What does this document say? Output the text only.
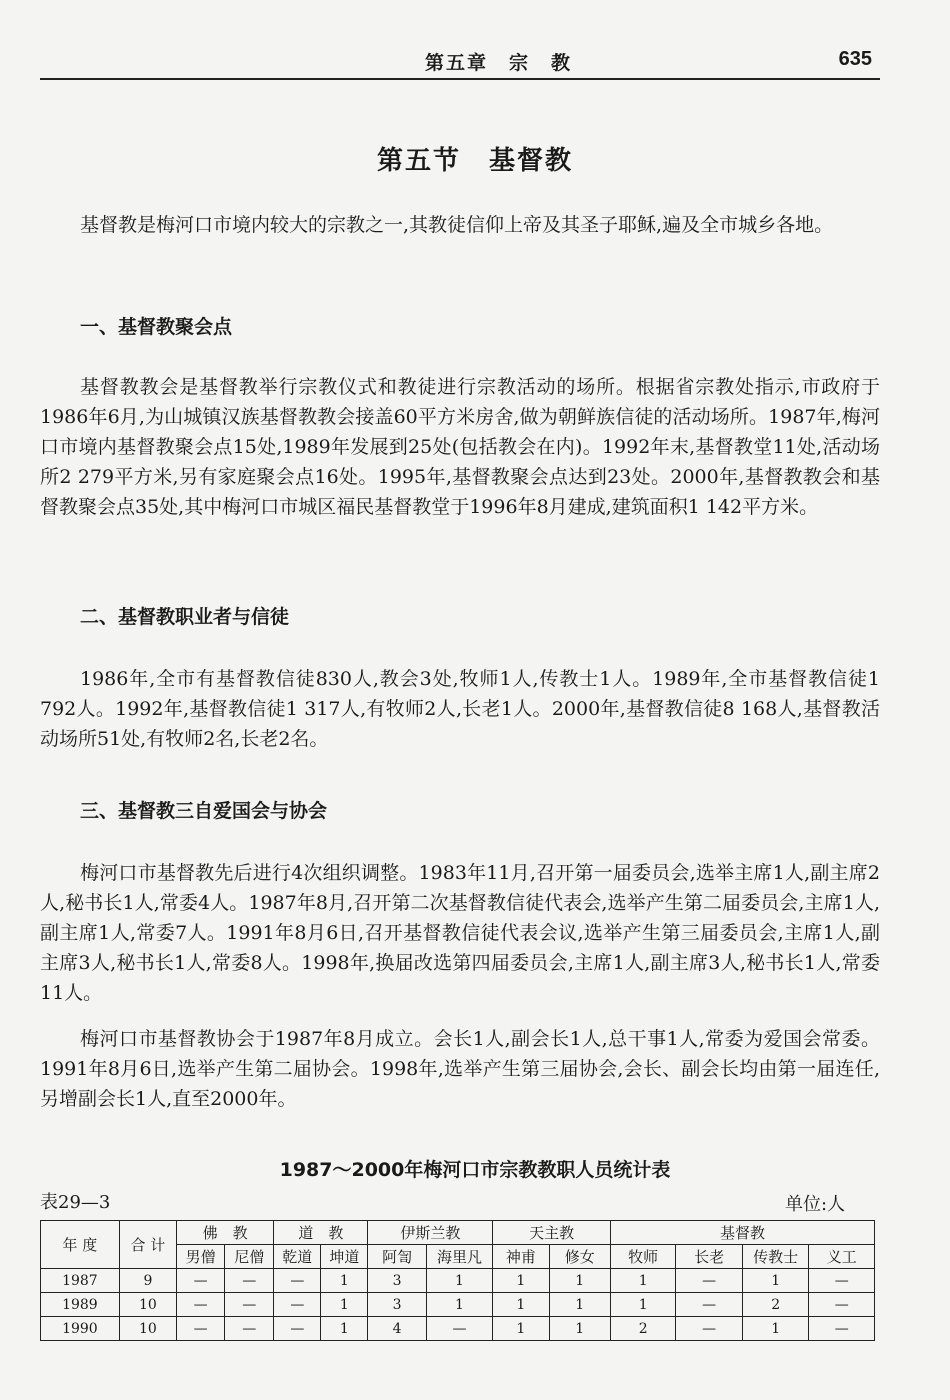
第五章　宗　教	635
第五节　基督教
基督教是梅河口市境内较大的宗教之一,其教徒信仰上帝及其圣子耶稣,遍及全市城乡各地。
一、基督教聚会点
基督教教会是基督教举行宗教仪式和教徒进行宗教活动的场所。根据省宗教处指示,市政府于1986年6月,为山城镇汉族基督教教会接盖60平方米房舍,做为朝鲜族信徒的活动场所。1987年,梅河口市境内基督教聚会点15处,1989年发展到25处(包括教会在内)。1992年末,基督教堂11处,活动场所2 279平方米,另有家庭聚会点16处。1995年,基督教聚会点达到23处。2000年,基督教教会和基督教聚会点35处,其中梅河口市城区福民基督教堂于1996年8月建成,建筑面积1 142平方米。
二、基督教职业者与信徒
1986年,全市有基督教信徒830人,教会3处,牧师1人,传教士1人。1989年,全市基督教信徒1 792人。1992年,基督教信徒1 317人,有牧师2人,长老1人。2000年,基督教信徒8 168人,基督教活动场所51处,有牧师2名,长老2名。
三、基督教三自爱国会与协会
梅河口市基督教先后进行4次组织调整。1983年11月,召开第一届委员会,选举主席1人,副主席2人,秘书长1人,常委4人。1987年8月,召开第二次基督教信徒代表会,选举产生第二届委员会,主席1人,副主席1人,常委7人。1991年8月6日,召开基督教信徒代表会议,选举产生第三届委员会,主席1人,副主席3人,秘书长1人,常委8人。1998年,换届改选第四届委员会,主席1人,副主席3人,秘书长1人,常委11人。
梅河口市基督教协会于1987年8月成立。会长1人,副会长1人,总干事1人,常委为爱国会常委。1991年8月6日,选举产生第二届协会。1998年,选举产生第三届协会,会长、副会长均由第一届连任,另增副会长1人,直至2000年。
1987～2000年梅河口市宗教教职人员统计表
表29—3	单位:人
年 度	合 计	佛　教		道　教		伊斯兰教		天主教		基督教			
		男僧	尼僧	乾道	坤道	阿訇	海里凡	神甫	修女	牧师	长老	传教士	义工
1987	9	—	—	—	1	3	1	1	1	1	—	1	—
1989	10	—	—	—	1	3	1	1	1	1	—	2	—
1990	10	—	—	—	1	4	—	1	1	2	—	1	—
